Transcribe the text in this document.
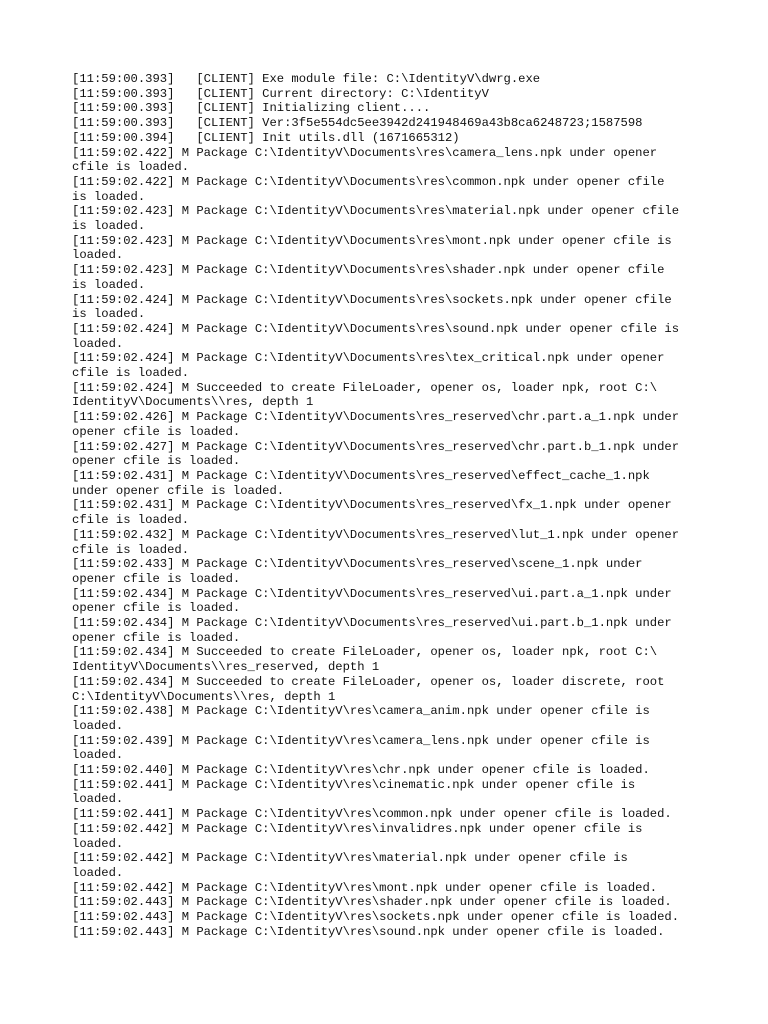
[11:59:00.393]   [CLIENT] Exe module file: C:\IdentityV\dwrg.exe
[11:59:00.393]   [CLIENT] Current directory: C:\IdentityV
[11:59:00.393]   [CLIENT] Initializing client....
[11:59:00.393]   [CLIENT] Ver:3f5e554dc5ee3942d241948469a43b8ca6248723;1587598
[11:59:00.394]   [CLIENT] Init utils.dll (1671665312)
[11:59:02.422] M Package C:\IdentityV\Documents\res\camera_lens.npk under opener
cfile is loaded.
[11:59:02.422] M Package C:\IdentityV\Documents\res\common.npk under opener cfile
is loaded.
[11:59:02.423] M Package C:\IdentityV\Documents\res\material.npk under opener cfile
is loaded.
[11:59:02.423] M Package C:\IdentityV\Documents\res\mont.npk under opener cfile is
loaded.
[11:59:02.423] M Package C:\IdentityV\Documents\res\shader.npk under opener cfile
is loaded.
[11:59:02.424] M Package C:\IdentityV\Documents\res\sockets.npk under opener cfile
is loaded.
[11:59:02.424] M Package C:\IdentityV\Documents\res\sound.npk under opener cfile is
loaded.
[11:59:02.424] M Package C:\IdentityV\Documents\res\tex_critical.npk under opener
cfile is loaded.
[11:59:02.424] M Succeeded to create FileLoader, opener os, loader npk, root C:\
IdentityV\Documents\\res, depth 1
[11:59:02.426] M Package C:\IdentityV\Documents\res_reserved\chr.part.a_1.npk under
opener cfile is loaded.
[11:59:02.427] M Package C:\IdentityV\Documents\res_reserved\chr.part.b_1.npk under
opener cfile is loaded.
[11:59:02.431] M Package C:\IdentityV\Documents\res_reserved\effect_cache_1.npk
under opener cfile is loaded.
[11:59:02.431] M Package C:\IdentityV\Documents\res_reserved\fx_1.npk under opener
cfile is loaded.
[11:59:02.432] M Package C:\IdentityV\Documents\res_reserved\lut_1.npk under opener
cfile is loaded.
[11:59:02.433] M Package C:\IdentityV\Documents\res_reserved\scene_1.npk under
opener cfile is loaded.
[11:59:02.434] M Package C:\IdentityV\Documents\res_reserved\ui.part.a_1.npk under
opener cfile is loaded.
[11:59:02.434] M Package C:\IdentityV\Documents\res_reserved\ui.part.b_1.npk under
opener cfile is loaded.
[11:59:02.434] M Succeeded to create FileLoader, opener os, loader npk, root C:\
IdentityV\Documents\\res_reserved, depth 1
[11:59:02.434] M Succeeded to create FileLoader, opener os, loader discrete, root
C:\IdentityV\Documents\\res, depth 1
[11:59:02.438] M Package C:\IdentityV\res\camera_anim.npk under opener cfile is
loaded.
[11:59:02.439] M Package C:\IdentityV\res\camera_lens.npk under opener cfile is
loaded.
[11:59:02.440] M Package C:\IdentityV\res\chr.npk under opener cfile is loaded.
[11:59:02.441] M Package C:\IdentityV\res\cinematic.npk under opener cfile is
loaded.
[11:59:02.441] M Package C:\IdentityV\res\common.npk under opener cfile is loaded.
[11:59:02.442] M Package C:\IdentityV\res\invalidres.npk under opener cfile is
loaded.
[11:59:02.442] M Package C:\IdentityV\res\material.npk under opener cfile is
loaded.
[11:59:02.442] M Package C:\IdentityV\res\mont.npk under opener cfile is loaded.
[11:59:02.443] M Package C:\IdentityV\res\shader.npk under opener cfile is loaded.
[11:59:02.443] M Package C:\IdentityV\res\sockets.npk under opener cfile is loaded.
[11:59:02.443] M Package C:\IdentityV\res\sound.npk under opener cfile is loaded.
